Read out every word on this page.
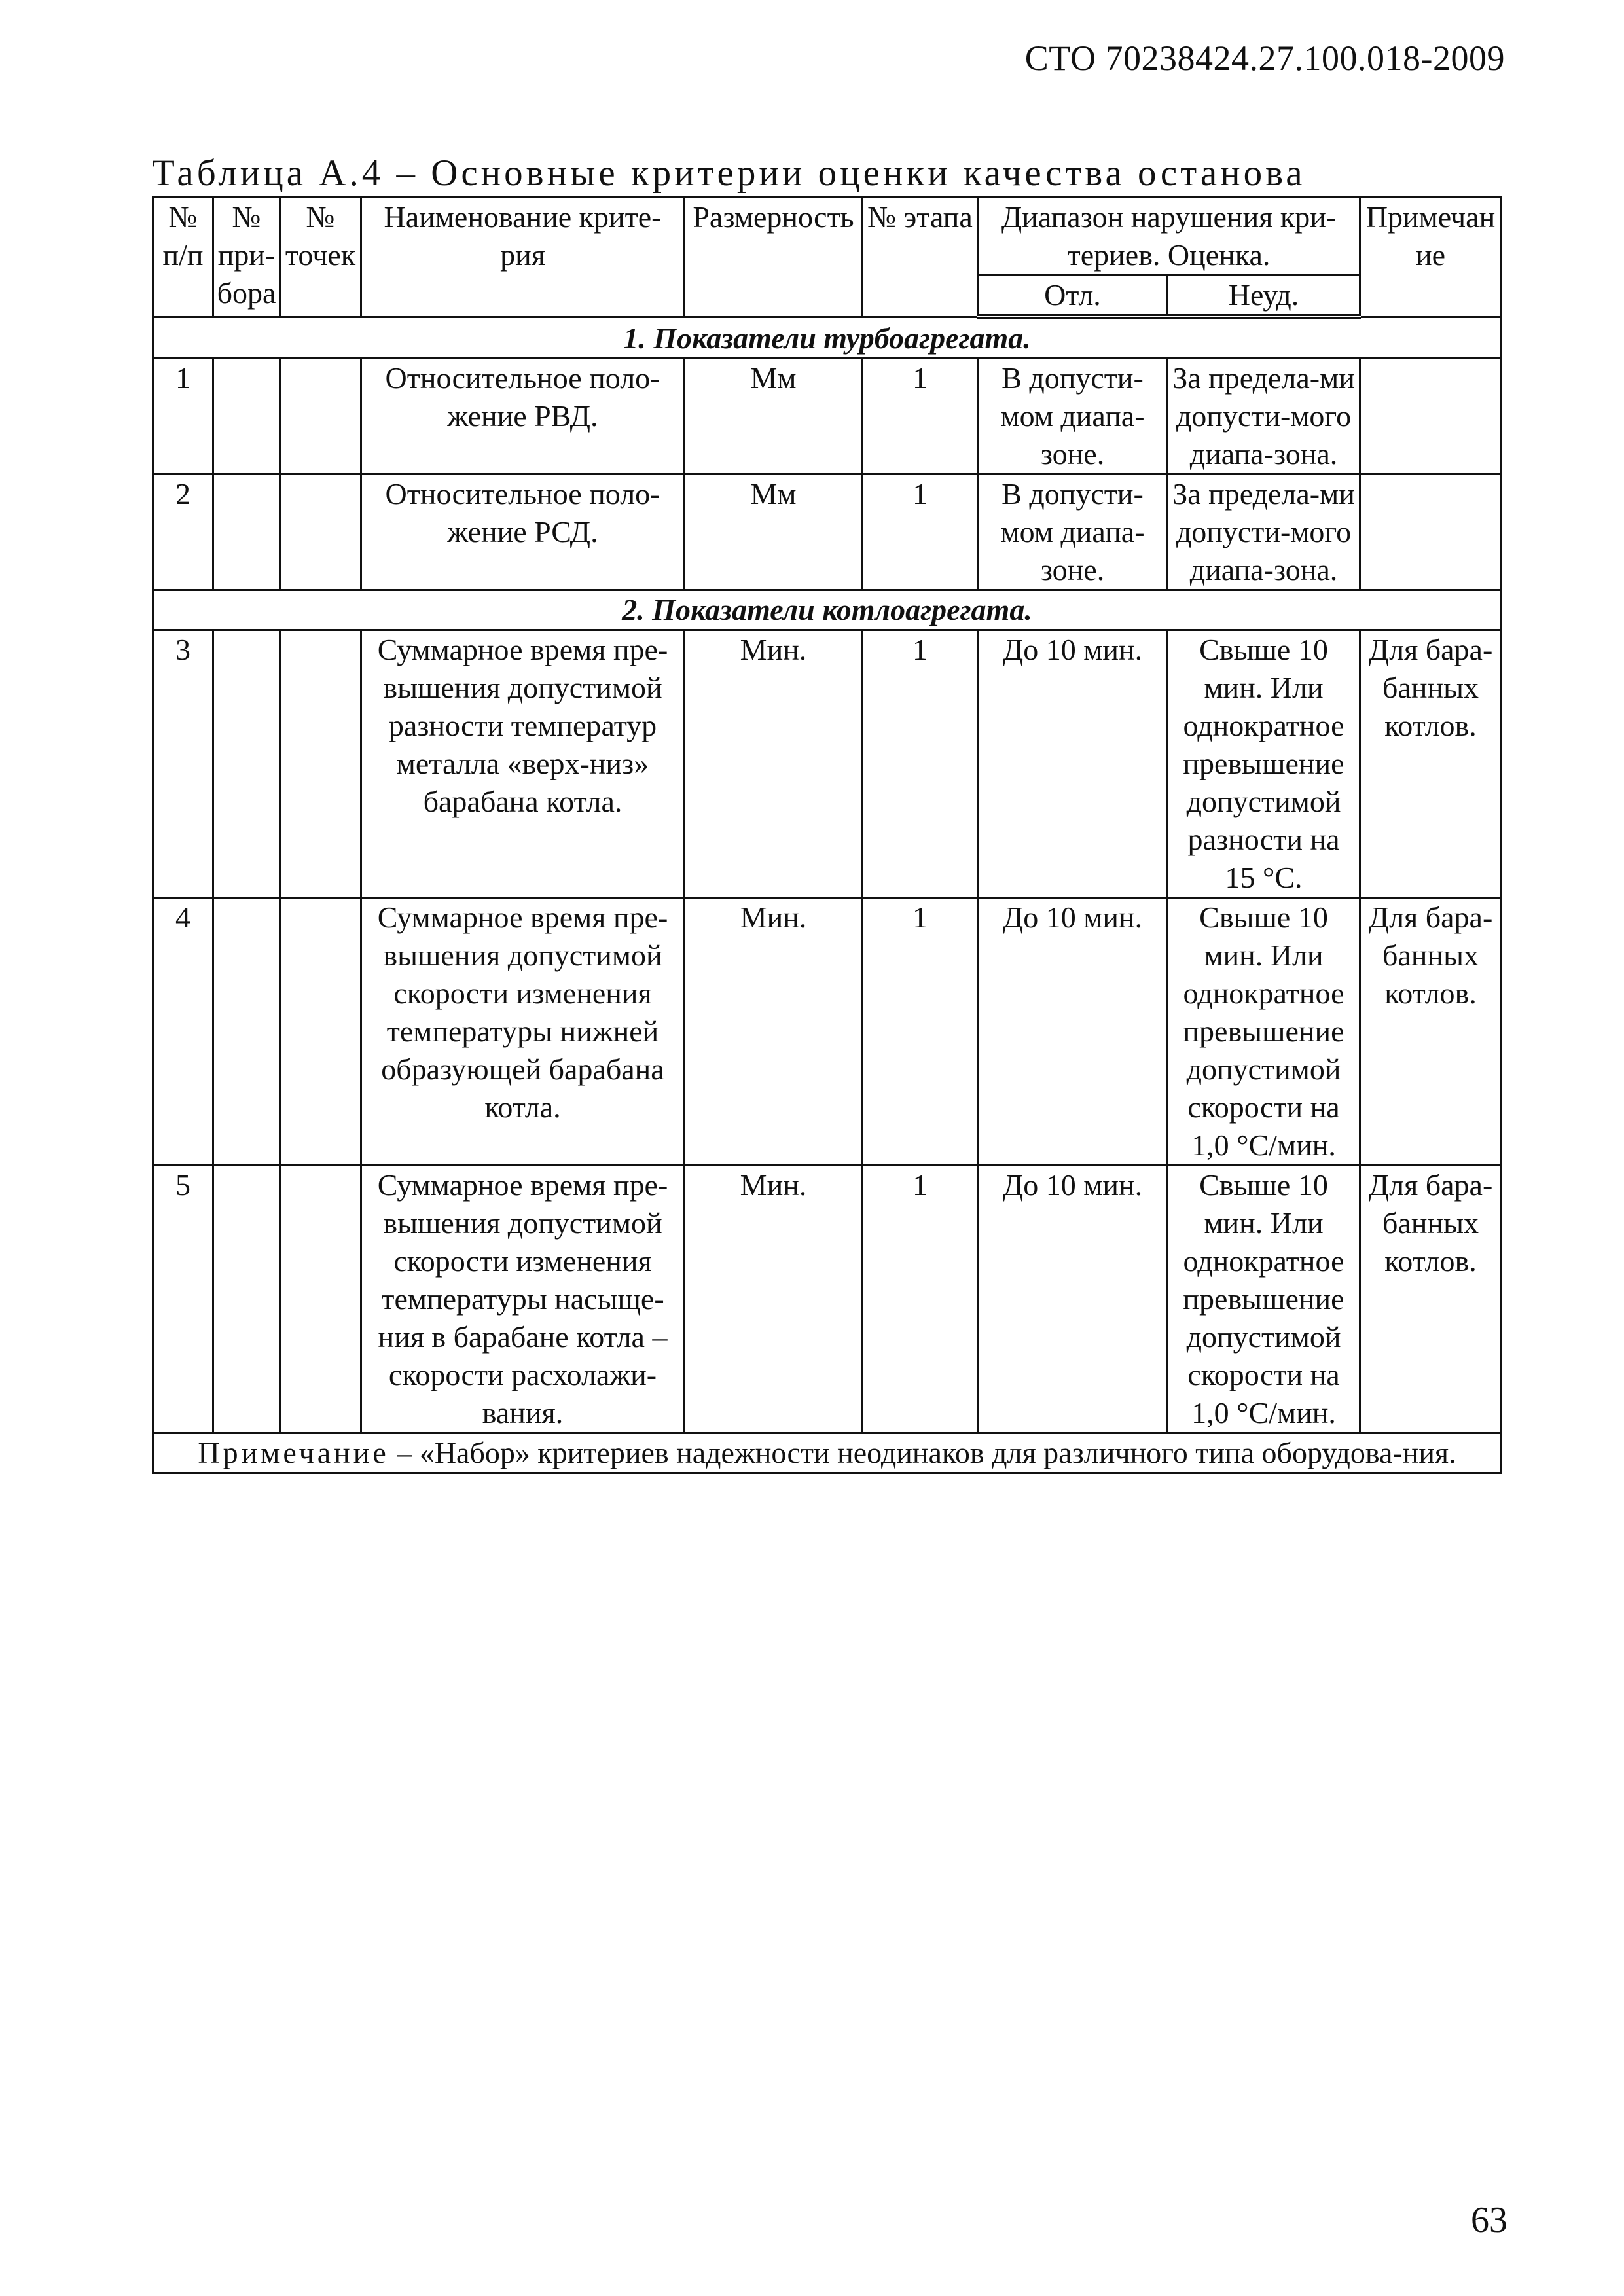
СТО 70238424.27.100.018-2009
Таблица А.4 – Основные критерии оценки качества останова
№ п/п	№ при-бора	№ точек	Наименование крите-рия	Размерность	№ этапа	Диапазон нарушения кри-териев. Оценка.		Примечание
						Отл.	Неуд.	
1. Показатели турбоагрегата.								
1			Относительное поло-жение РВД.	Мм	1	В допусти-мом диапа-зоне.	За предела-ми допусти-мого диапа-зона.	
2			Относительное поло-жение РСД.	Мм	1	В допусти-мом диапа-зоне.	За предела-ми допусти-мого диапа-зона.	
2. Показатели котлоагрегата.								
3			Суммарное время пре-вышения допустимой разности температур металла «верх-низ» барабана котла.	Мин.	1	До 10 мин.	Свыше 10 мин. Или однократное превышение допустимой разности на 15 °С.	Для бара-банных котлов.
4			Суммарное время пре-вышения допустимой скорости изменения температуры нижней образующей барабана котла.	Мин.	1	До 10 мин.	Свыше 10 мин. Или однократное превышение допустимой скорости на 1,0 °С/мин.	Для бара-банных котлов.
5			Суммарное время пре-вышения допустимой скорости изменения температуры насыще-ния в барабане котла – скорости расхолажи-вания.	Мин.	1	До 10 мин.	Свыше 10 мин. Или однократное превышение допустимой скорости на 1,0 °С/мин.	Для бара-банных котлов.
Примечание – «Набор» критериев надежности неодинаков для различного типа оборудова-ния.								
63
